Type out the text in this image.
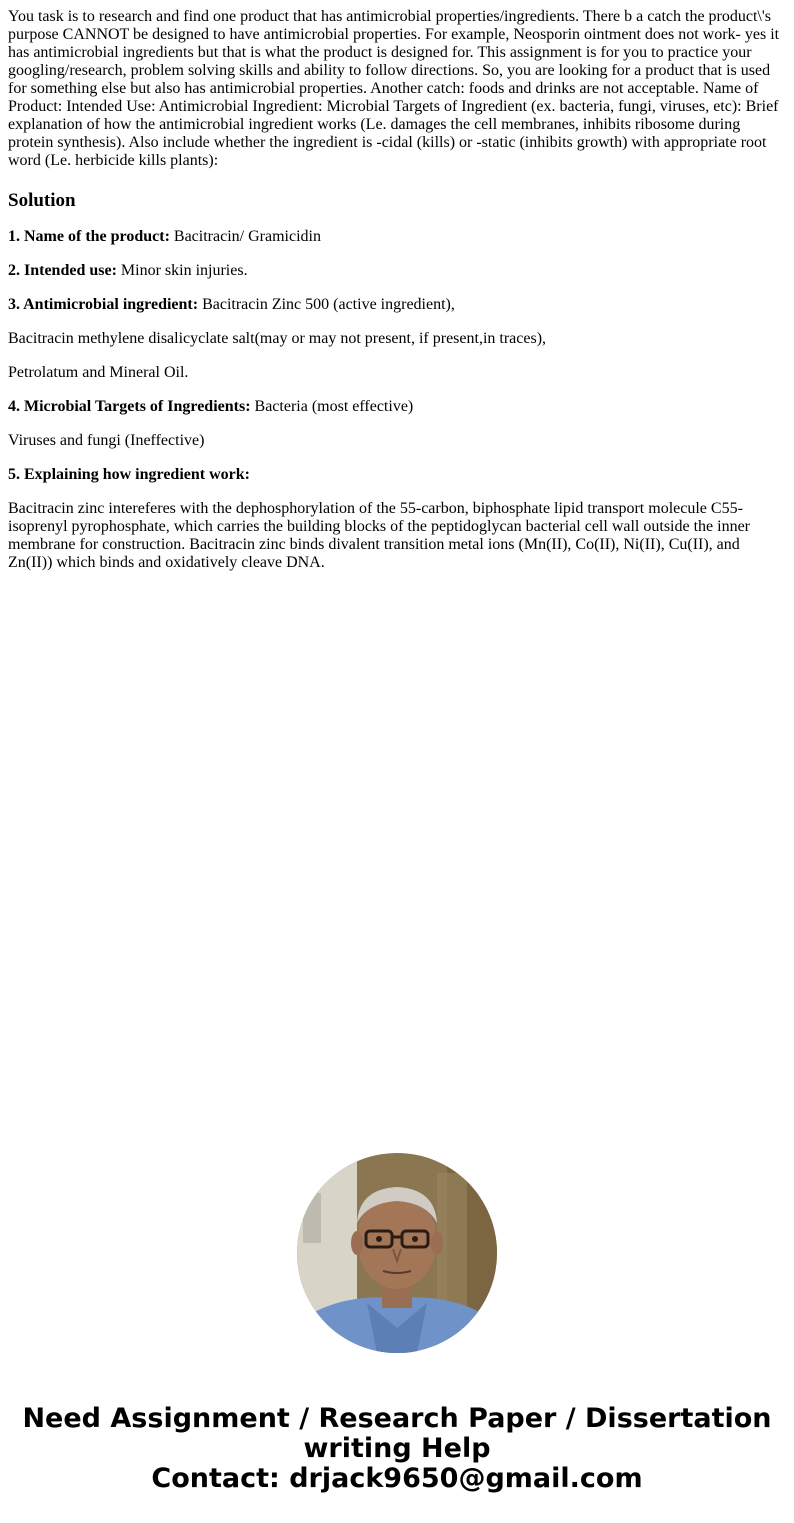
You task is to research and find one product that has antimicrobial properties/ingredients. There b a catch the product\'s purpose CANNOT be designed to have antimicrobial properties. For example, Neosporin ointment does not work- yes it has antimicrobial ingredients but that is what the product is designed for. This assignment is for you to practice your googling/research, problem solving skills and ability to follow directions. So, you are looking for a product that is used for something else but also has antimicrobial properties. Another catch: foods and drinks are not acceptable. Name of Product: Intended Use: Antimicrobial Ingredient: Microbial Targets of Ingredient (ex. bacteria, fungi, viruses, etc): Brief explanation of how the antimicrobial ingredient works (Le. damages the cell membranes, inhibits ribosome during protein synthesis). Also include whether the ingredient is -cidal (kills) or -static (inhibits growth) with appropriate root word (Le. herbicide kills plants):

Solution

1. Name of the product: Bacitracin/ Gramicidin

2. Intended use: Minor skin injuries.

3. Antimicrobial ingredient: Bacitracin Zinc 500 (active ingredient),

Bacitracin methylene disalicyclate salt(may or may not present, if present,in traces),

Petrolatum and Mineral Oil.

4. Microbial Targets of Ingredients: Bacteria (most effective)

Viruses and fungi (Ineffective)

5. Explaining how ingredient work:

Bacitracin zinc intereferes with the dephosphorylation of the 55-carbon, biphosphate lipid transport molecule C55-isoprenyl pyrophosphate, which carries the building blocks of the peptidoglycan bacterial cell wall outside the inner membrane for construction. Bacitracin zinc binds divalent transition metal ions (Mn(II), Co(II), Ni(II), Cu(II), and Zn(II)) which binds and oxidatively cleave DNA.

Need Assignment / Research Paper / Dissertation
writing Help
Contact: drjack9650@gmail.com
